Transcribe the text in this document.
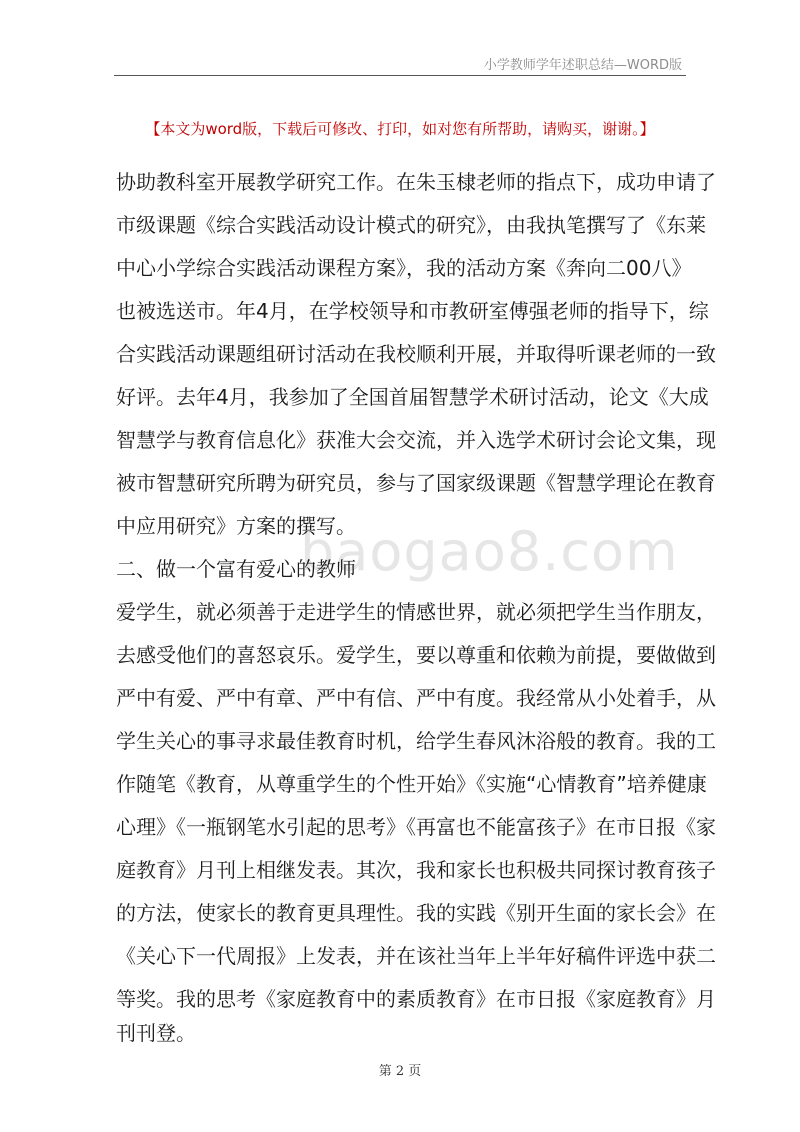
小学教师学年述职总结—WORD版
【本文为word版，下载后可修改、打印，如对您有所帮助，请购买，谢谢。】
baogao8.com
协助教科室开展教学研究工作。在朱玉棣老师的指点下，成功申请了
市级课题《综合实践活动设计模式的研究》，由我执笔撰写了《东莱
中心小学综合实践活动课程方案》，我的活动方案《奔向二00八》
也被选送市。年4月，在学校领导和市教研室傅强老师的指导下，综
合实践活动课题组研讨活动在我校顺利开展，并取得听课老师的一致
好评。去年4月，我参加了全国首届智慧学术研讨活动，论文《大成
智慧学与教育信息化》获准大会交流，并入选学术研讨会论文集，现
被市智慧研究所聘为研究员，参与了国家级课题《智慧学理论在教育
中应用研究》方案的撰写。
二、做一个富有爱心的教师
爱学生，就必须善于走进学生的情感世界，就必须把学生当作朋友，
去感受他们的喜怒哀乐。爱学生，要以尊重和依赖为前提，要做做到
严中有爱、严中有章、严中有信、严中有度。我经常从小处着手，从
学生关心的事寻求最佳教育时机，给学生春风沐浴般的教育。我的工
作随笔《教育，从尊重学生的个性开始》《实施“心情教育”培养健康
心理》《一瓶钢笔水引起的思考》《再富也不能富孩子》在市日报《家
庭教育》月刊上相继发表。其次，我和家长也积极共同探讨教育孩子
的方法，使家长的教育更具理性。我的实践《别开生面的家长会》在
《关心下一代周报》上发表，并在该社当年上半年好稿件评选中获二
等奖。我的思考《家庭教育中的素质教育》在市日报《家庭教育》月
刊刊登。
第 2 页
